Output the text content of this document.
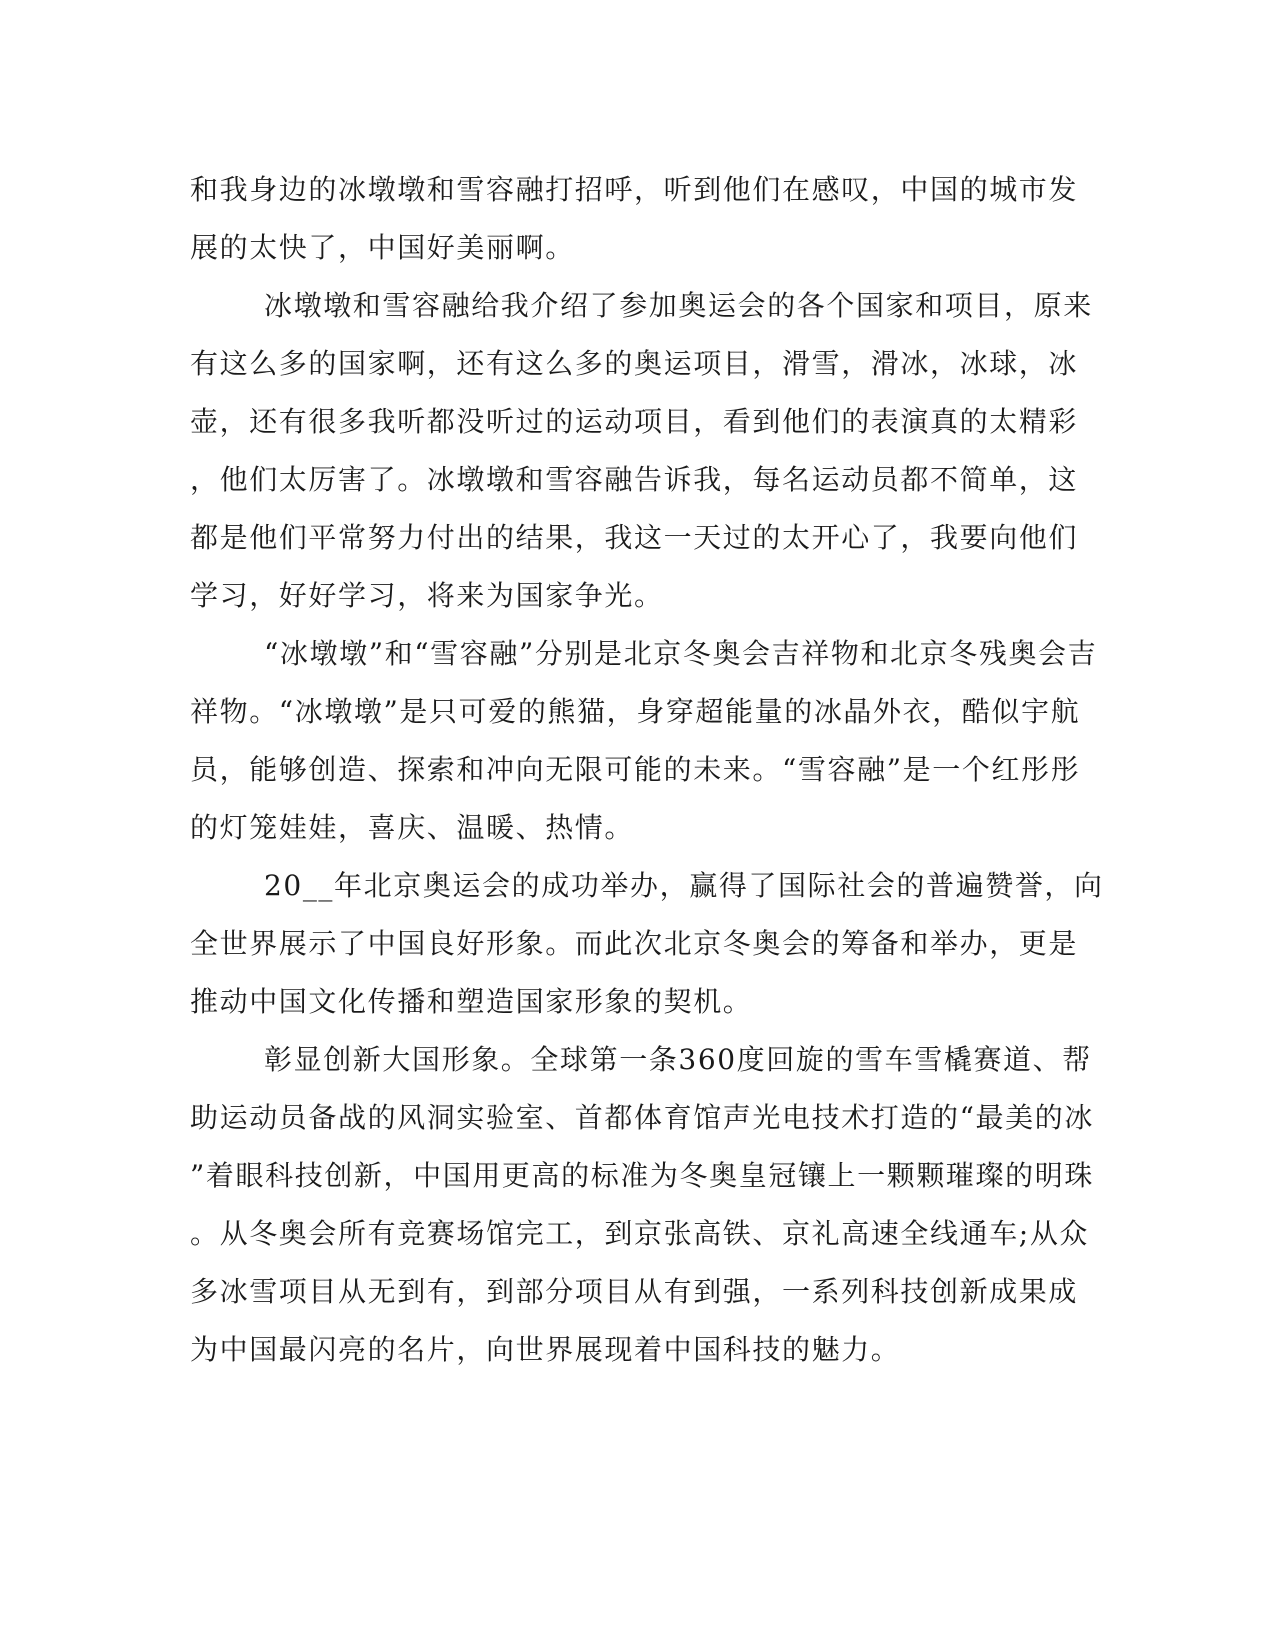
和我身边的冰墩墩和雪容融打招呼，听到他们在感叹，中国的城市发
展的太快了，中国好美丽啊。
冰墩墩和雪容融给我介绍了参加奥运会的各个国家和项目，原来
有这么多的国家啊，还有这么多的奥运项目，滑雪，滑冰，冰球，冰
壶，还有很多我听都没听过的运动项目，看到他们的表演真的太精彩
，他们太厉害了。冰墩墩和雪容融告诉我，每名运动员都不简单，这
都是他们平常努力付出的结果，我这一天过的太开心了，我要向他们
学习，好好学习，将来为国家争光。
“冰墩墩”和“雪容融”分别是北京冬奥会吉祥物和北京冬残奥会吉
祥物。“冰墩墩”是只可爱的熊猫，身穿超能量的冰晶外衣，酷似宇航
员，能够创造、探索和冲向无限可能的未来。“雪容融”是一个红彤彤
的灯笼娃娃，喜庆、温暖、热情。
20__年北京奥运会的成功举办，赢得了国际社会的普遍赞誉，向
全世界展示了中国良好形象。而此次北京冬奥会的筹备和举办，更是
推动中国文化传播和塑造国家形象的契机。
彰显创新大国形象。全球第一条360度回旋的雪车雪橇赛道、帮
助运动员备战的风洞实验室、首都体育馆声光电技术打造的“最美的冰
”着眼科技创新，中国用更高的标准为冬奥皇冠镶上一颗颗璀璨的明珠
。从冬奥会所有竞赛场馆完工，到京张高铁、京礼高速全线通车;从众
多冰雪项目从无到有，到部分项目从有到强，一系列科技创新成果成
为中国最闪亮的名片，向世界展现着中国科技的魅力。
